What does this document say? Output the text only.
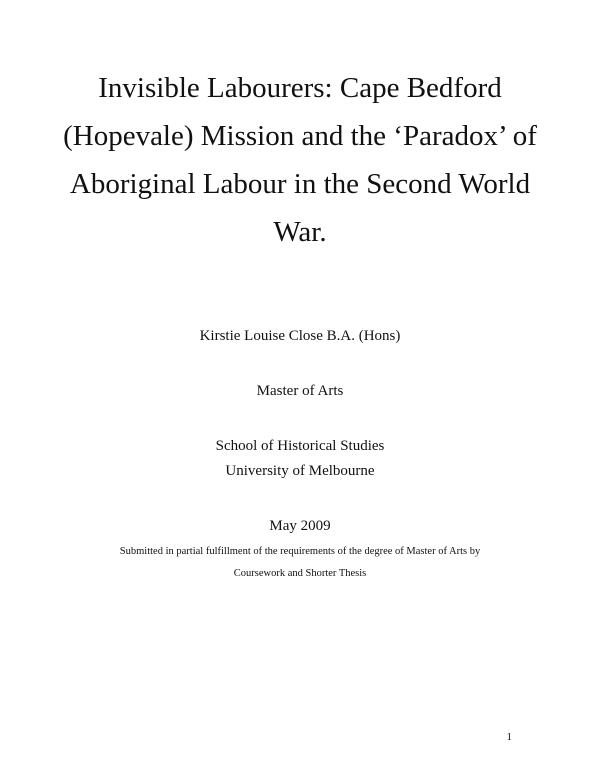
Invisible Labourers: Cape Bedford
(Hopevale) Mission and the ‘Paradox’ of
Aboriginal Labour in the Second World
War.
Kirstie Louise Close B.A. (Hons)
Master of Arts
School of Historical Studies
University of Melbourne
May 2009
Submitted in partial fulfillment of the requirements of the degree of Master of Arts by
Coursework and Shorter Thesis
1
